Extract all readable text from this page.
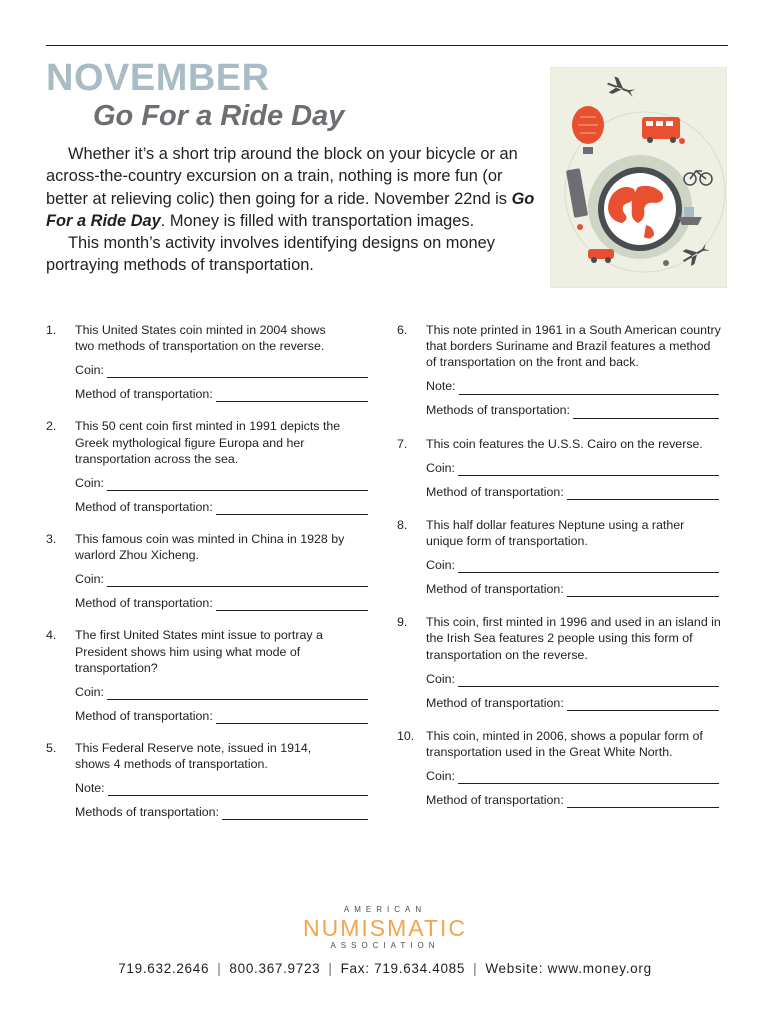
NOVEMBER
Go For a Ride Day

Whether it’s a short trip around the block on your bicycle or an across-the-country excursion on a train, nothing is more fun (or better at relieving colic) then going for a ride. November 22nd is Go For a Ride Day. Money is filled with transportation images.

This month’s activity involves identifying designs on money portraying methods of transportation.

1. This United States coin minted in 2004 shows two methods of transportation on the reverse.

Coin:
Method of transportation:
2. This 50 cent coin first minted in 1991 depicts the Greek mythological figure Europa and her transportation across the sea.

Coin:
Method of transportation:
3. This famous coin was minted in China in 1928 by warlord Zhou Xicheng.

Coin:
Method of transportation:
4. The first United States mint issue to portray a President shows him using what mode of transportation?

Coin:
Method of transportation:
5. This Federal Reserve note, issued in 1914, shows 4 methods of transportation.

Note:
Methods of transportation:
6. This note printed in 1961 in a South American country that borders Suriname and Brazil features a method of transportation on the front and back.

Note:
Methods of transportation:
7. This coin features the U.S.S. Cairo on the reverse.

Coin:
Method of transportation:
8. This half dollar features Neptune using a rather unique form of transportation.

Coin:
Method of transportation:
9. This coin, first minted in 1996 and used in an island in the Irish Sea features 2 people using this form of transportation on the reverse.

Coin:
Method of transportation:
10. This coin, minted in 2006, shows a popular form of transportation used in the Great White North.

Coin:
Method of transportation:
AMERICAN
NUMISMATIC
ASSOCIATION
719.632.2646 | 800.367.9723 | Fax: 719.634.4085 | Website: www.money.org
